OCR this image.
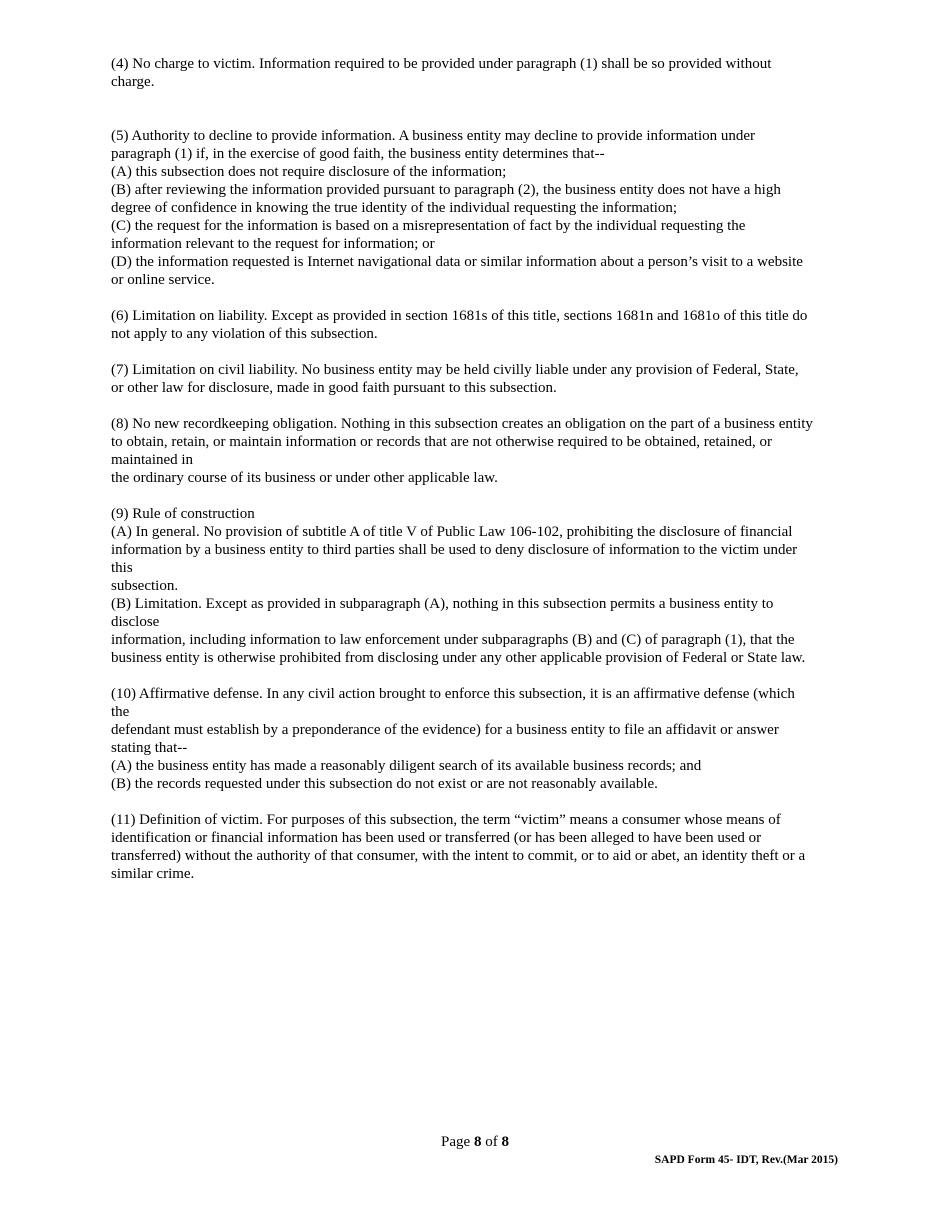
(4) No charge to victim. Information required to be provided under paragraph (1) shall be so provided without
charge.
(5) Authority to decline to provide information. A business entity may decline to provide information under
paragraph (1) if, in the exercise of good faith, the business entity determines that--
(A) this subsection does not require disclosure of the information;
(B) after reviewing the information provided pursuant to paragraph (2), the business entity does not have a high
degree of confidence in knowing the true identity of the individual requesting the information;
(C) the request for the information is based on a misrepresentation of fact by the individual requesting the
information relevant to the request for information; or
(D) the information requested is Internet navigational data or similar information about a person’s visit to a website
or online service.
(6) Limitation on liability. Except as provided in section 1681s of this title, sections 1681n and 1681o of this title do
not apply to any violation of this subsection.
(7) Limitation on civil liability. No business entity may be held civilly liable under any provision of Federal, State,
or other law for disclosure, made in good faith pursuant to this subsection.
(8) No new recordkeeping obligation. Nothing in this subsection creates an obligation on the part of a business entity
to obtain, retain, or maintain information or records that are not otherwise required to be obtained, retained, or
maintained in
the ordinary course of its business or under other applicable law.
(9) Rule of construction
(A) In general. No provision of subtitle A of title V of Public Law 106-102, prohibiting the disclosure of financial
information by a business entity to third parties shall be used to deny disclosure of information to the victim under
this
subsection.
(B) Limitation. Except as provided in subparagraph (A), nothing in this subsection permits a business entity to
disclose
information, including information to law enforcement under subparagraphs (B) and (C) of paragraph (1), that the
business entity is otherwise prohibited from disclosing under any other applicable provision of Federal or State law.
(10) Affirmative defense. In any civil action brought to enforce this subsection, it is an affirmative defense (which
the
defendant must establish by a preponderance of the evidence) for a business entity to file an affidavit or answer
stating that--
(A) the business entity has made a reasonably diligent search of its available business records; and
(B) the records requested under this subsection do not exist or are not reasonably available.
(11) Definition of victim. For purposes of this subsection, the term “victim” means a consumer whose means of
identification or financial information has been used or transferred (or has been alleged to have been used or
transferred) without the authority of that consumer, with the intent to commit, or to aid or abet, an identity theft or a
similar crime.
Page 8 of 8
SAPD Form 45- IDT, Rev.(Mar 2015)
